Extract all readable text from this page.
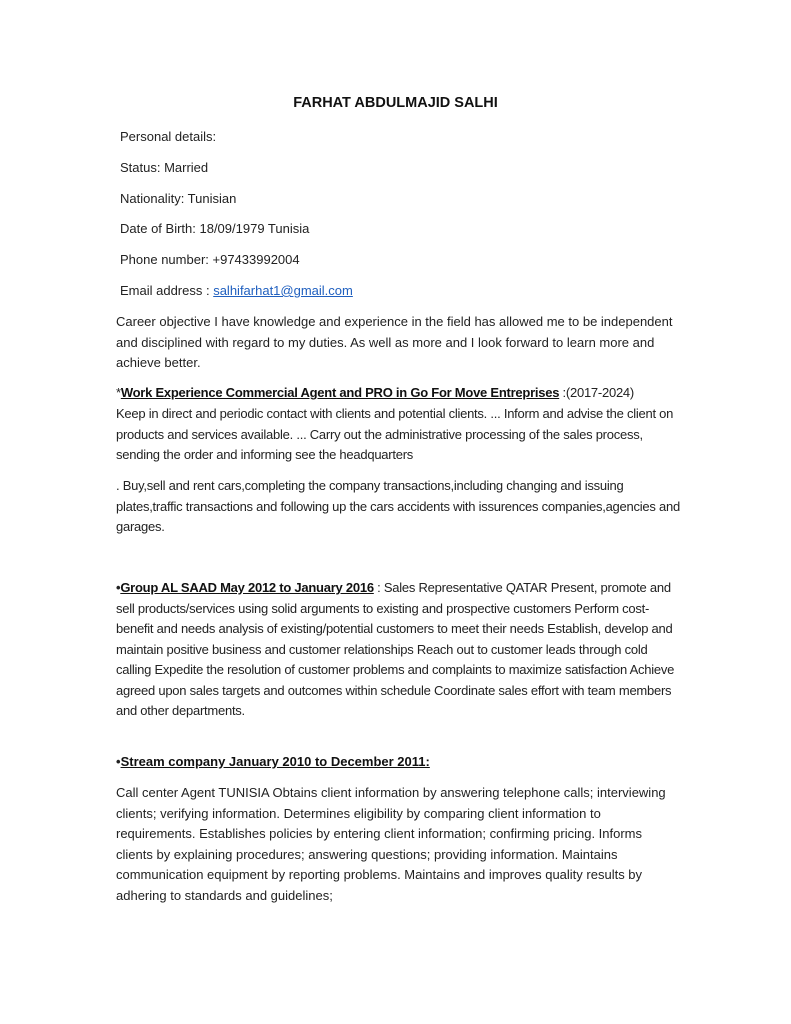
FARHAT ABDULMAJID SALHI

Personal details:

Status: Married

Nationality: Tunisian

Date of Birth: 18/09/1979 Tunisia

Phone number: +97433992004

Email address : salhifarhat1@gmail.com

Career objective I have knowledge and experience in the field has allowed me to be independent and disciplined with regard to my duties. As well as more and I look forward to learn more and achieve better.

*Work Experience Commercial Agent and PRO in Go For Move Entreprises :(2017-2024)

Keep in direct and periodic contact with clients and potential clients. ... Inform and advise the client on products and services available. ... Carry out the administrative processing of the sales process, sending the order and informing see the headquarters

. Buy,sell and rent cars,completing the company transactions,including changing and issuing plates,traffic transactions and following up the cars accidents with issurences companies,agencies and garages.

•Group AL SAAD May 2012 to January 2016 : Sales Representative QATAR Present, promote and sell products/services using solid arguments to existing and prospective customers Perform cost-benefit and needs analysis of existing/potential customers to meet their needs Establish, develop and maintain positive business and customer relationships Reach out to customer leads through cold calling Expedite the resolution of customer problems and complaints to maximize satisfaction Achieve agreed upon sales targets and outcomes within schedule Coordinate sales effort with team members and other departments.

•Stream company January 2010 to December 2011:

Call center Agent TUNISIA Obtains client information by answering telephone calls; interviewing clients; verifying information. Determines eligibility by comparing client information to requirements. Establishes policies by entering client information; confirming pricing. Informs clients by explaining procedures; answering questions; providing information. Maintains communication equipment by reporting problems. Maintains and improves quality results by adhering to standards and guidelines;
